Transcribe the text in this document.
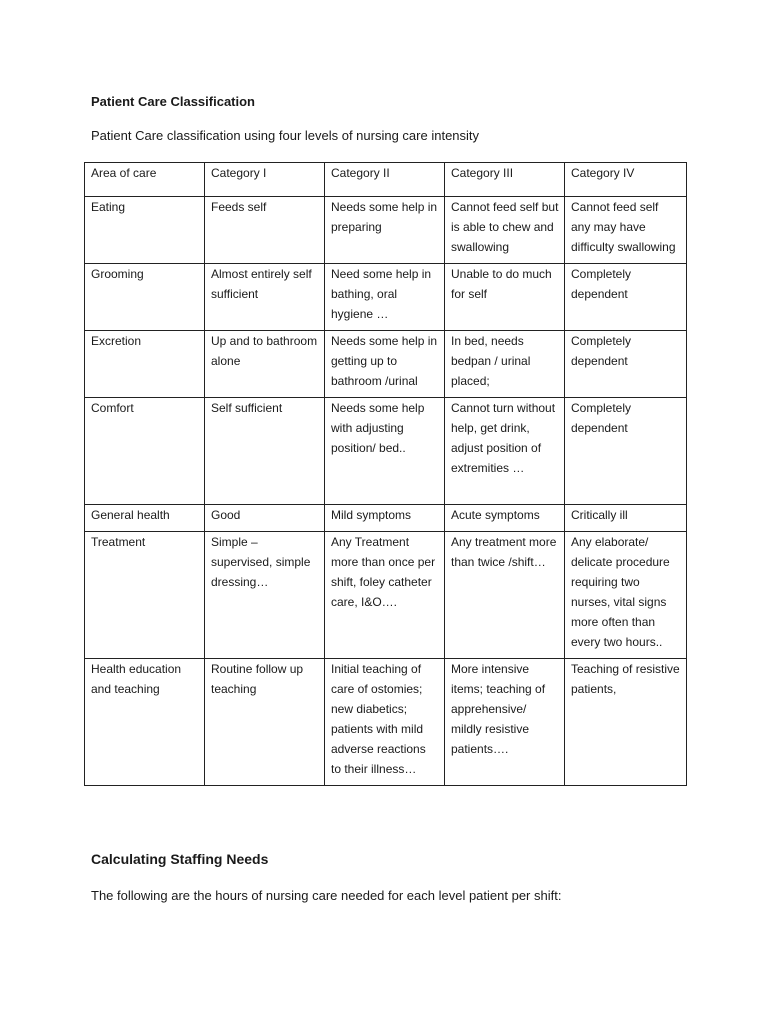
Patient Care Classification
Patient Care classification using four levels of nursing care intensity
Area of care	Category I	Category II	Category III	Category IV
Eating	Feeds self	Needs some help in preparing	Cannot feed self but is able to chew and swallowing	Cannot feed self any may have difficulty swallowing
Grooming	Almost entirely self sufficient	Need some help in bathing, oral hygiene …	Unable to do much for self	Completely dependent
Excretion	Up and to bathroom alone	Needs some help in getting up to bathroom /urinal	In bed, needs bedpan / urinal placed;	Completely dependent
Comfort	Self sufficient	Needs some help with adjusting position/ bed..	Cannot turn without help, get drink, adjust position of extremities …	Completely dependent
General health	Good	Mild symptoms	Acute symptoms	Critically ill
Treatment	Simple – supervised, simple dressing…	Any Treatment more than once per shift, foley catheter care, I&O….	Any treatment more than twice /shift…	Any elaborate/ delicate procedure requiring two nurses, vital signs more often than every two hours..
Health education and teaching	Routine follow up teaching	Initial teaching of care of ostomies; new diabetics; patients with mild adverse reactions to their illness…	More intensive items; teaching of apprehensive/ mildly resistive patients….	Teaching of resistive patients,
Calculating Staffing Needs
The following are the hours of nursing care needed for each level patient per shift:
